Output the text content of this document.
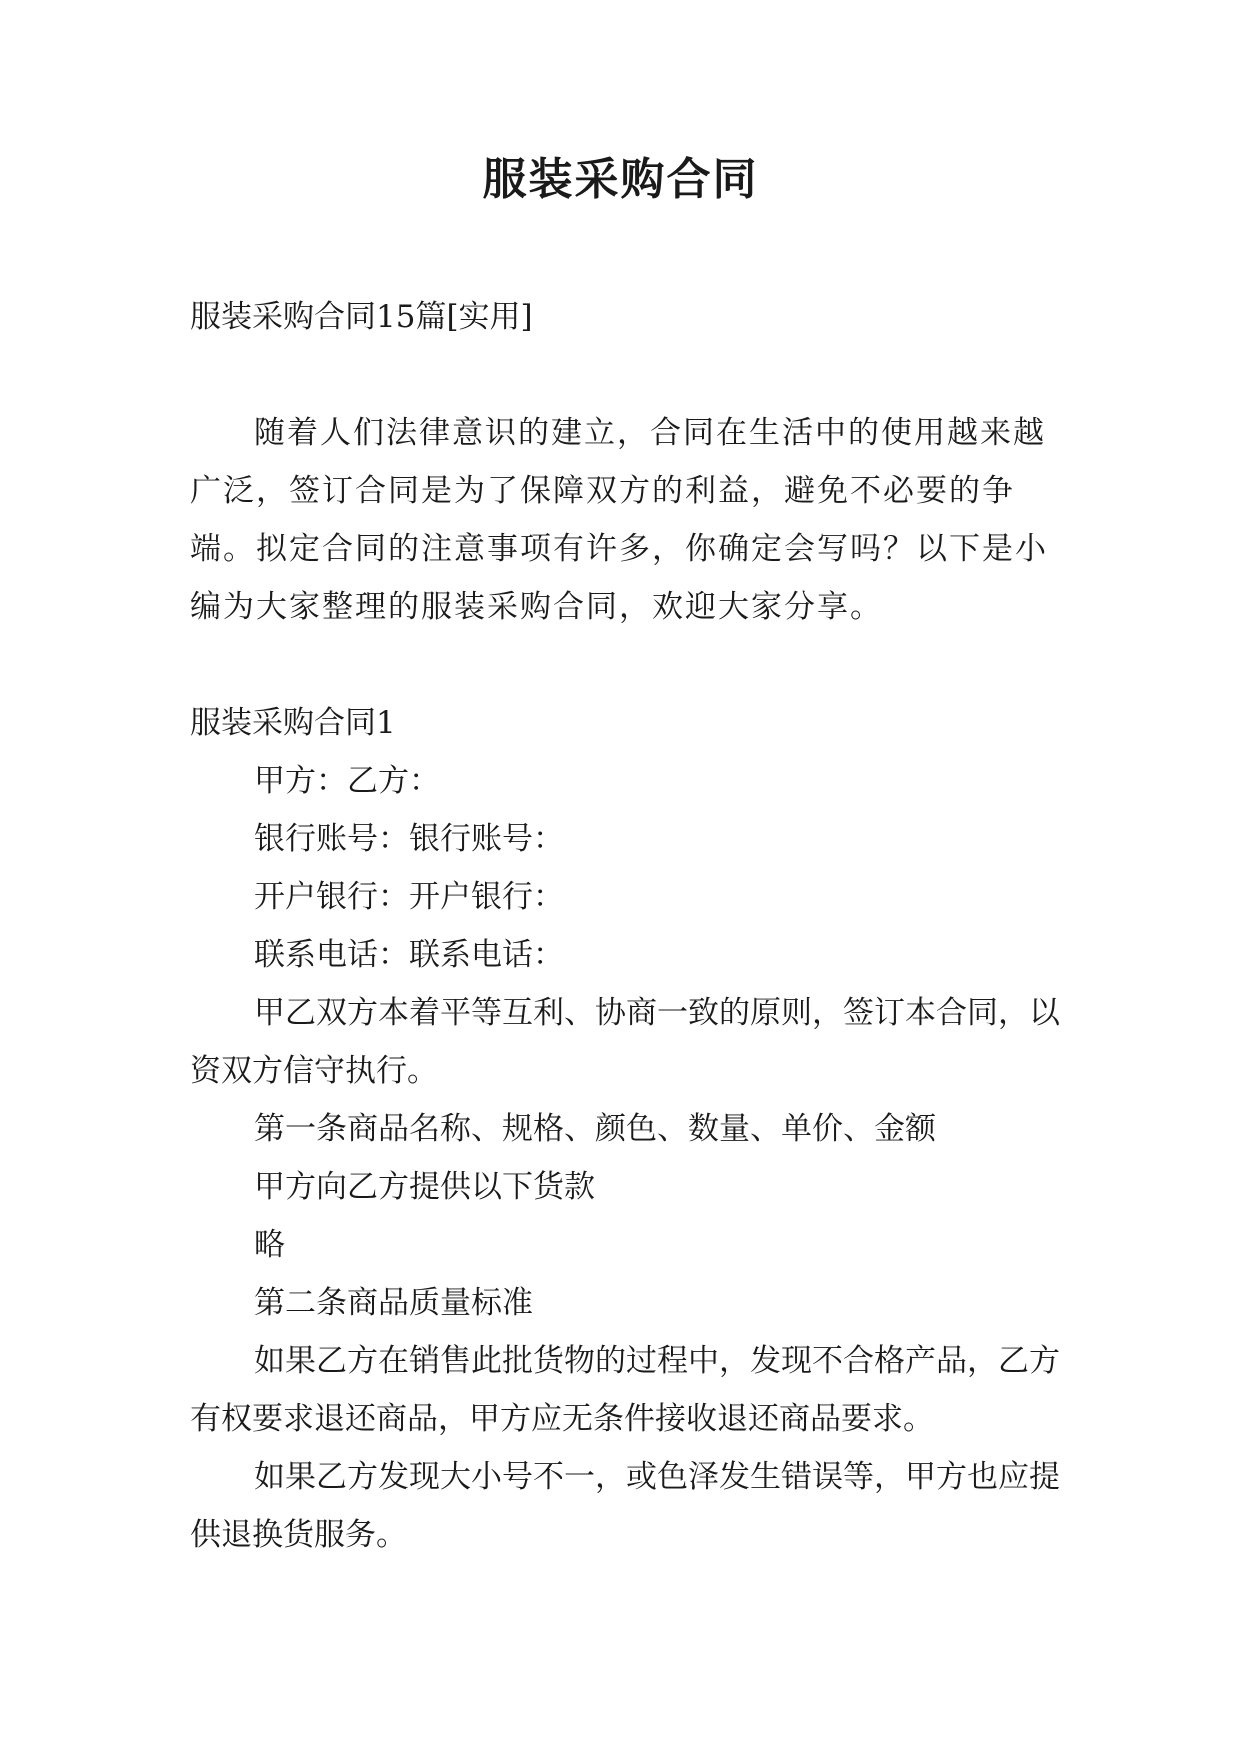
服装采购合同

服装采购合同15篇[实用]

随着人们法律意识的建立，合同在生活中的使用越来越广泛，签订合同是为了保障双方的利益，避免不必要的争端。拟定合同的注意事项有许多，你确定会写吗？以下是小编为大家整理的服装采购合同，欢迎大家分享。

服装采购合同1

甲方：乙方：

银行账号：银行账号：

开户银行：开户银行：

联系电话：联系电话：

甲乙双方本着平等互利、协商一致的原则，签订本合同，以资双方信守执行。

第一条商品名称、规格、颜色、数量、单价、金额

甲方向乙方提供以下货款

略

第二条商品质量标准

如果乙方在销售此批货物的过程中，发现不合格产品，乙方有权要求退还商品，甲方应无条件接收退还商品要求。

如果乙方发现大小号不一，或色泽发生错误等，甲方也应提供退换货服务。
